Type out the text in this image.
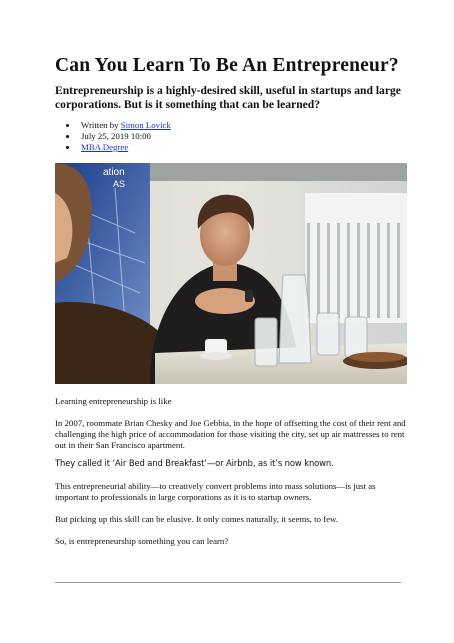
Can You Learn To Be An Entrepreneur?

Entrepreneurship is a highly-desired skill, useful in startups and large corporations. But is it something that can be learned?

Written by Simon Lovick
July 25, 2019 10:00
MBA Degree
ation
AS

Learning entrepreneurship is like

In 2007, roommate Brian Chesky and Joe Gebbia, in the hope of offsetting the cost of their rent and challenging the high price of accommodation for those visiting the city, set up air mattresses to rent out in their San Francisco apartment.

They called it ‘Air Bed and Breakfast’—or Airbnb, as it’s now known.

This entrepreneurial ability—to creatively convert problems into mass solutions—is just as important to professionals in large corporations as it is to startup owners.

But picking up this skill can be elusive. It only comes naturally, it seems, to few.

So, is entrepreneurship something you can learn?
